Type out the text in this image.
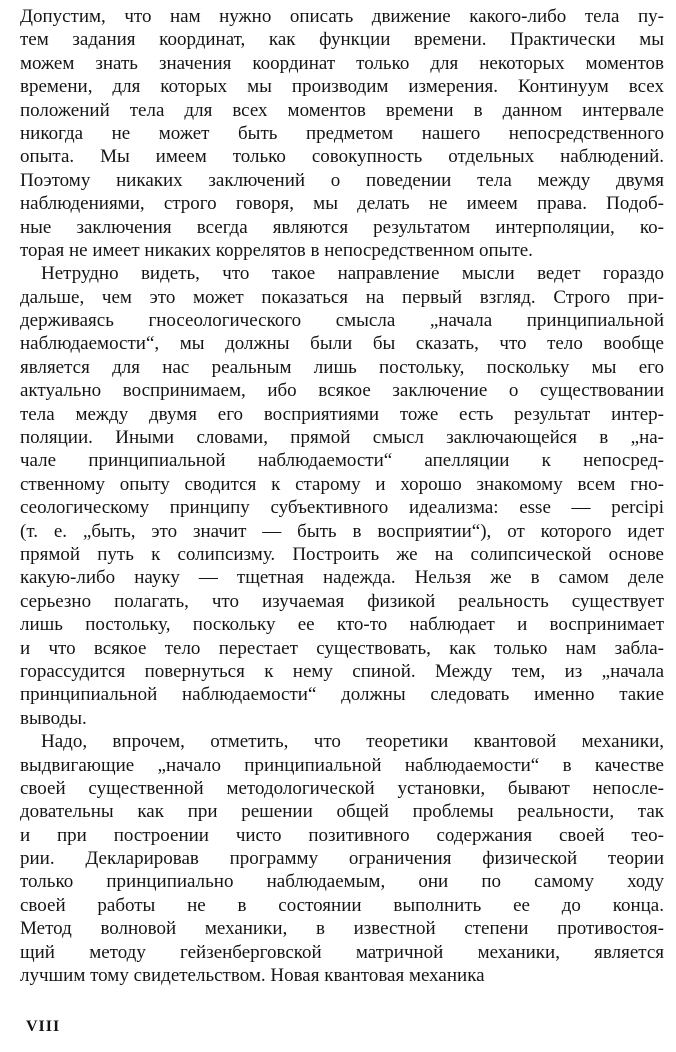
Допустим, что нам нужно описать движение какого-либо тела пу-
тем задания координат, как функции времени. Практически мы
можем знать значения координат только для некоторых моментов
времени, для которых мы производим измерения. Континуум всех
положений тела для всех моментов времени в данном интервале
никогда не может быть предметом нашего непосредственного
опыта. Мы имеем только совокупность отдельных наблюдений.
Поэтому никаких заключений о поведении тела между двумя
наблюдениями, строго говоря, мы делать не имеем права. Подоб-
ные заключения всегда являются результатом интерполяции, ко-
торая не имеет никаких коррелятов в непосредственном опыте.
Нетрудно видеть, что такое направление мысли ведет гораздо
дальше, чем это может показаться на первый взгляд. Строго при-
держиваясь гносеологического смысла „начала принципиальной
наблюдаемости“, мы должны были бы сказать, что тело вообще
является для нас реальным лишь постольку, поскольку мы его
актуально воспринимаем, ибо всякое заключение о существовании
тела между двумя его восприятиями тоже есть результат интер-
поляции. Иными словами, прямой смысл заключающейся в „на-
чале принципиальной наблюдаемости“ апелляции к непосред-
ственному опыту сводится к старому и хорошо знакомому всем гно-
сеологическому принципу субъективного идеализма: esse — percipi
(т. е. „быть, это значит — быть в восприятии“), от которого идет
прямой путь к солипсизму. Построить же на солипсической основе
какую-либо науку — тщетная надежда. Нельзя же в самом деле
серьезно полагать, что изучаемая физикой реальность существует
лишь постольку, поскольку ее кто-то наблюдает и воспринимает
и что всякое тело перестает существовать, как только нам забла-
горассудится повернуться к нему спиной. Между тем, из „начала
принципиальной наблюдаемости“ должны следовать именно такие
выводы.
Надо, впрочем, отметить, что теоретики квантовой механики,
выдвигающие „начало принципиальной наблюдаемости“ в качестве
своей существенной методологической установки, бывают непосле-
довательны как при решении общей проблемы реальности, так
и при построении чисто позитивного содержания своей тео-
рии. Декларировав программу ограничения физической теории
только принципиально наблюдаемым, они по самому ходу
своей работы не в состоянии выполнить ее до конца.
Метод волновой механики, в известной степени противостоя-
щий методу гейзенберговской матричной механики, является
лучшим тому свидетельством. Новая квантовая механика
VIII
